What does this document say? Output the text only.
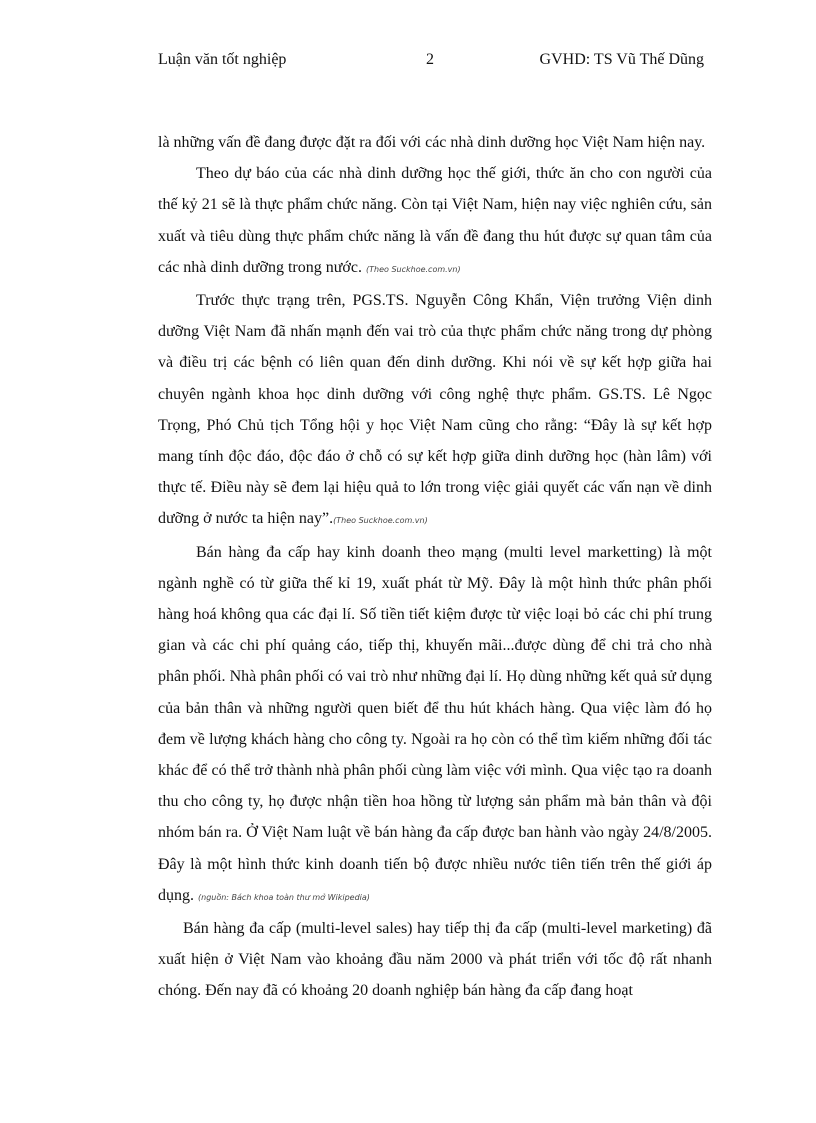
Luận văn tốt nghiệp	2	GVHD: TS Vũ Thế Dũng

là những vấn đề đang được đặt ra đối với các nhà dinh dưỡng học Việt Nam hiện nay.

Theo dự báo của các nhà dinh dưỡng học thế giới, thức ăn cho con người của thế kỷ 21 sẽ là thực phẩm chức năng. Còn tại Việt Nam, hiện nay việc nghiên cứu, sản xuất và tiêu dùng thực phẩm chức năng là vấn đề đang thu hút được sự quan tâm của các nhà dinh dưỡng trong nước. (Theo Suckhoe.com.vn)

Trước thực trạng trên, PGS.TS. Nguyễn Công Khẩn, Viện trưởng Viện dinh dưỡng Việt Nam đã nhấn mạnh đến vai trò của thực phẩm chức năng trong dự phòng và điều trị các bệnh có liên quan đến dinh dưỡng. Khi nói về sự kết hợp giữa hai chuyên ngành khoa học dinh dưỡng với công nghệ thực phẩm. GS.TS. Lê Ngọc Trọng, Phó Chủ tịch Tổng hội y học Việt Nam cũng cho rằng: “Đây là sự kết hợp mang tính độc đáo, độc đáo ở chỗ có sự kết hợp giữa dinh dưỡng học (hàn lâm) với thực tế. Điều này sẽ đem lại hiệu quả to lớn trong việc giải quyết các vấn nạn về dinh dưỡng ở nước ta hiện nay”.(Theo Suckhoe.com.vn)

Bán hàng đa cấp hay kinh doanh theo mạng (multi level marketting) là một ngành nghề có từ giữa thế kỉ 19, xuất phát từ Mỹ. Đây là một hình thức phân phối hàng hoá không qua các đại lí. Số tiền tiết kiệm được từ việc loại bỏ các chi phí trung gian và các chi phí quảng cáo, tiếp thị, khuyến mãi...được dùng để chi trả cho nhà phân phối. Nhà phân phối có vai trò như những đại lí. Họ dùng những kết quả sử dụng của bản thân và những người quen biết để thu hút khách hàng. Qua việc làm đó họ đem về lượng khách hàng cho công ty. Ngoài ra họ còn có thể tìm kiếm những đối tác khác để có thể trở thành nhà phân phối cùng làm việc với mình. Qua việc tạo ra doanh thu cho công ty, họ được nhận tiền hoa hồng từ lượng sản phẩm mà bản thân và đội nhóm bán ra. Ở Việt Nam luật về bán hàng đa cấp được ban hành vào ngày 24/8/2005. Đây là một hình thức kinh doanh tiến bộ được nhiều nước tiên tiến trên thế giới áp dụng. (nguồn: Bách khoa toàn thư mở Wikipedia)

Bán hàng đa cấp (multi-level sales) hay tiếp thị đa cấp (multi-level marketing) đã xuất hiện ở Việt Nam vào khoảng đầu năm 2000 và phát triển với tốc độ rất nhanh chóng. Đến nay đã có khoảng 20 doanh nghiệp bán hàng đa cấp đang hoạt
